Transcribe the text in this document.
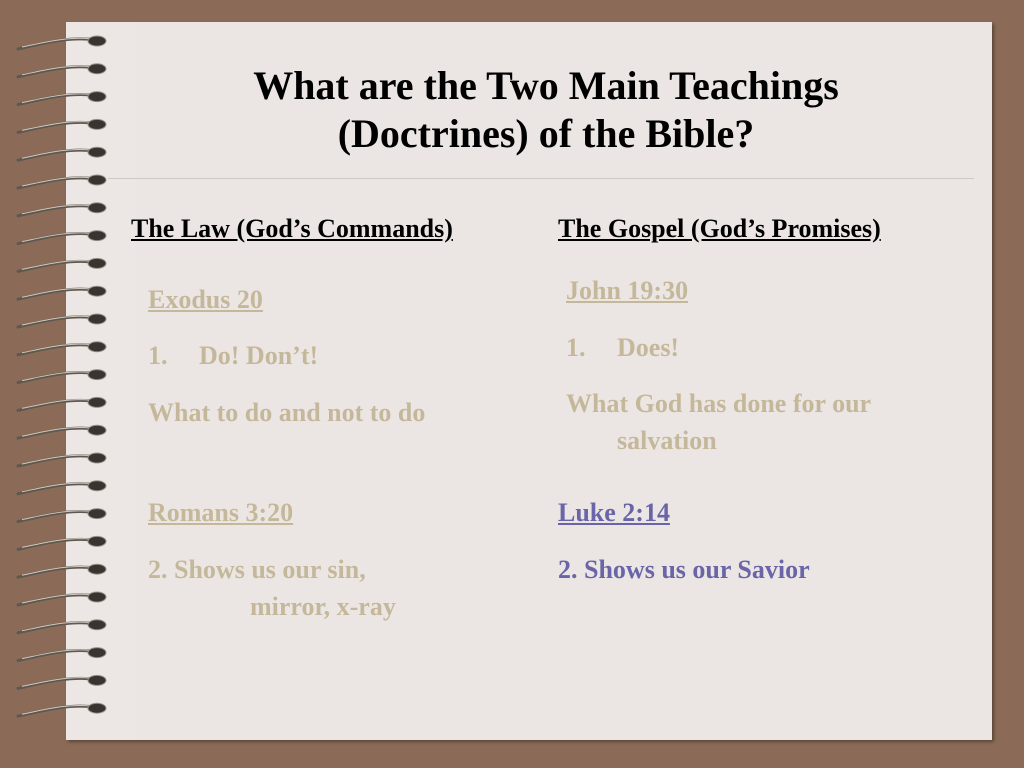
What are the Two Main Teachings
(Doctrines) of the Bible?
The Law (God’s Commands)	The Gospel (God’s Promises)
Exodus 20
1. Do! Don’t!
What to do and not to do
Romans 3:20
2. Shows us our sin,
mirror, x-ray
John 19:30
1. Does!
What God has done for our
salvation
Luke 2:14
2. Shows us our Savior
